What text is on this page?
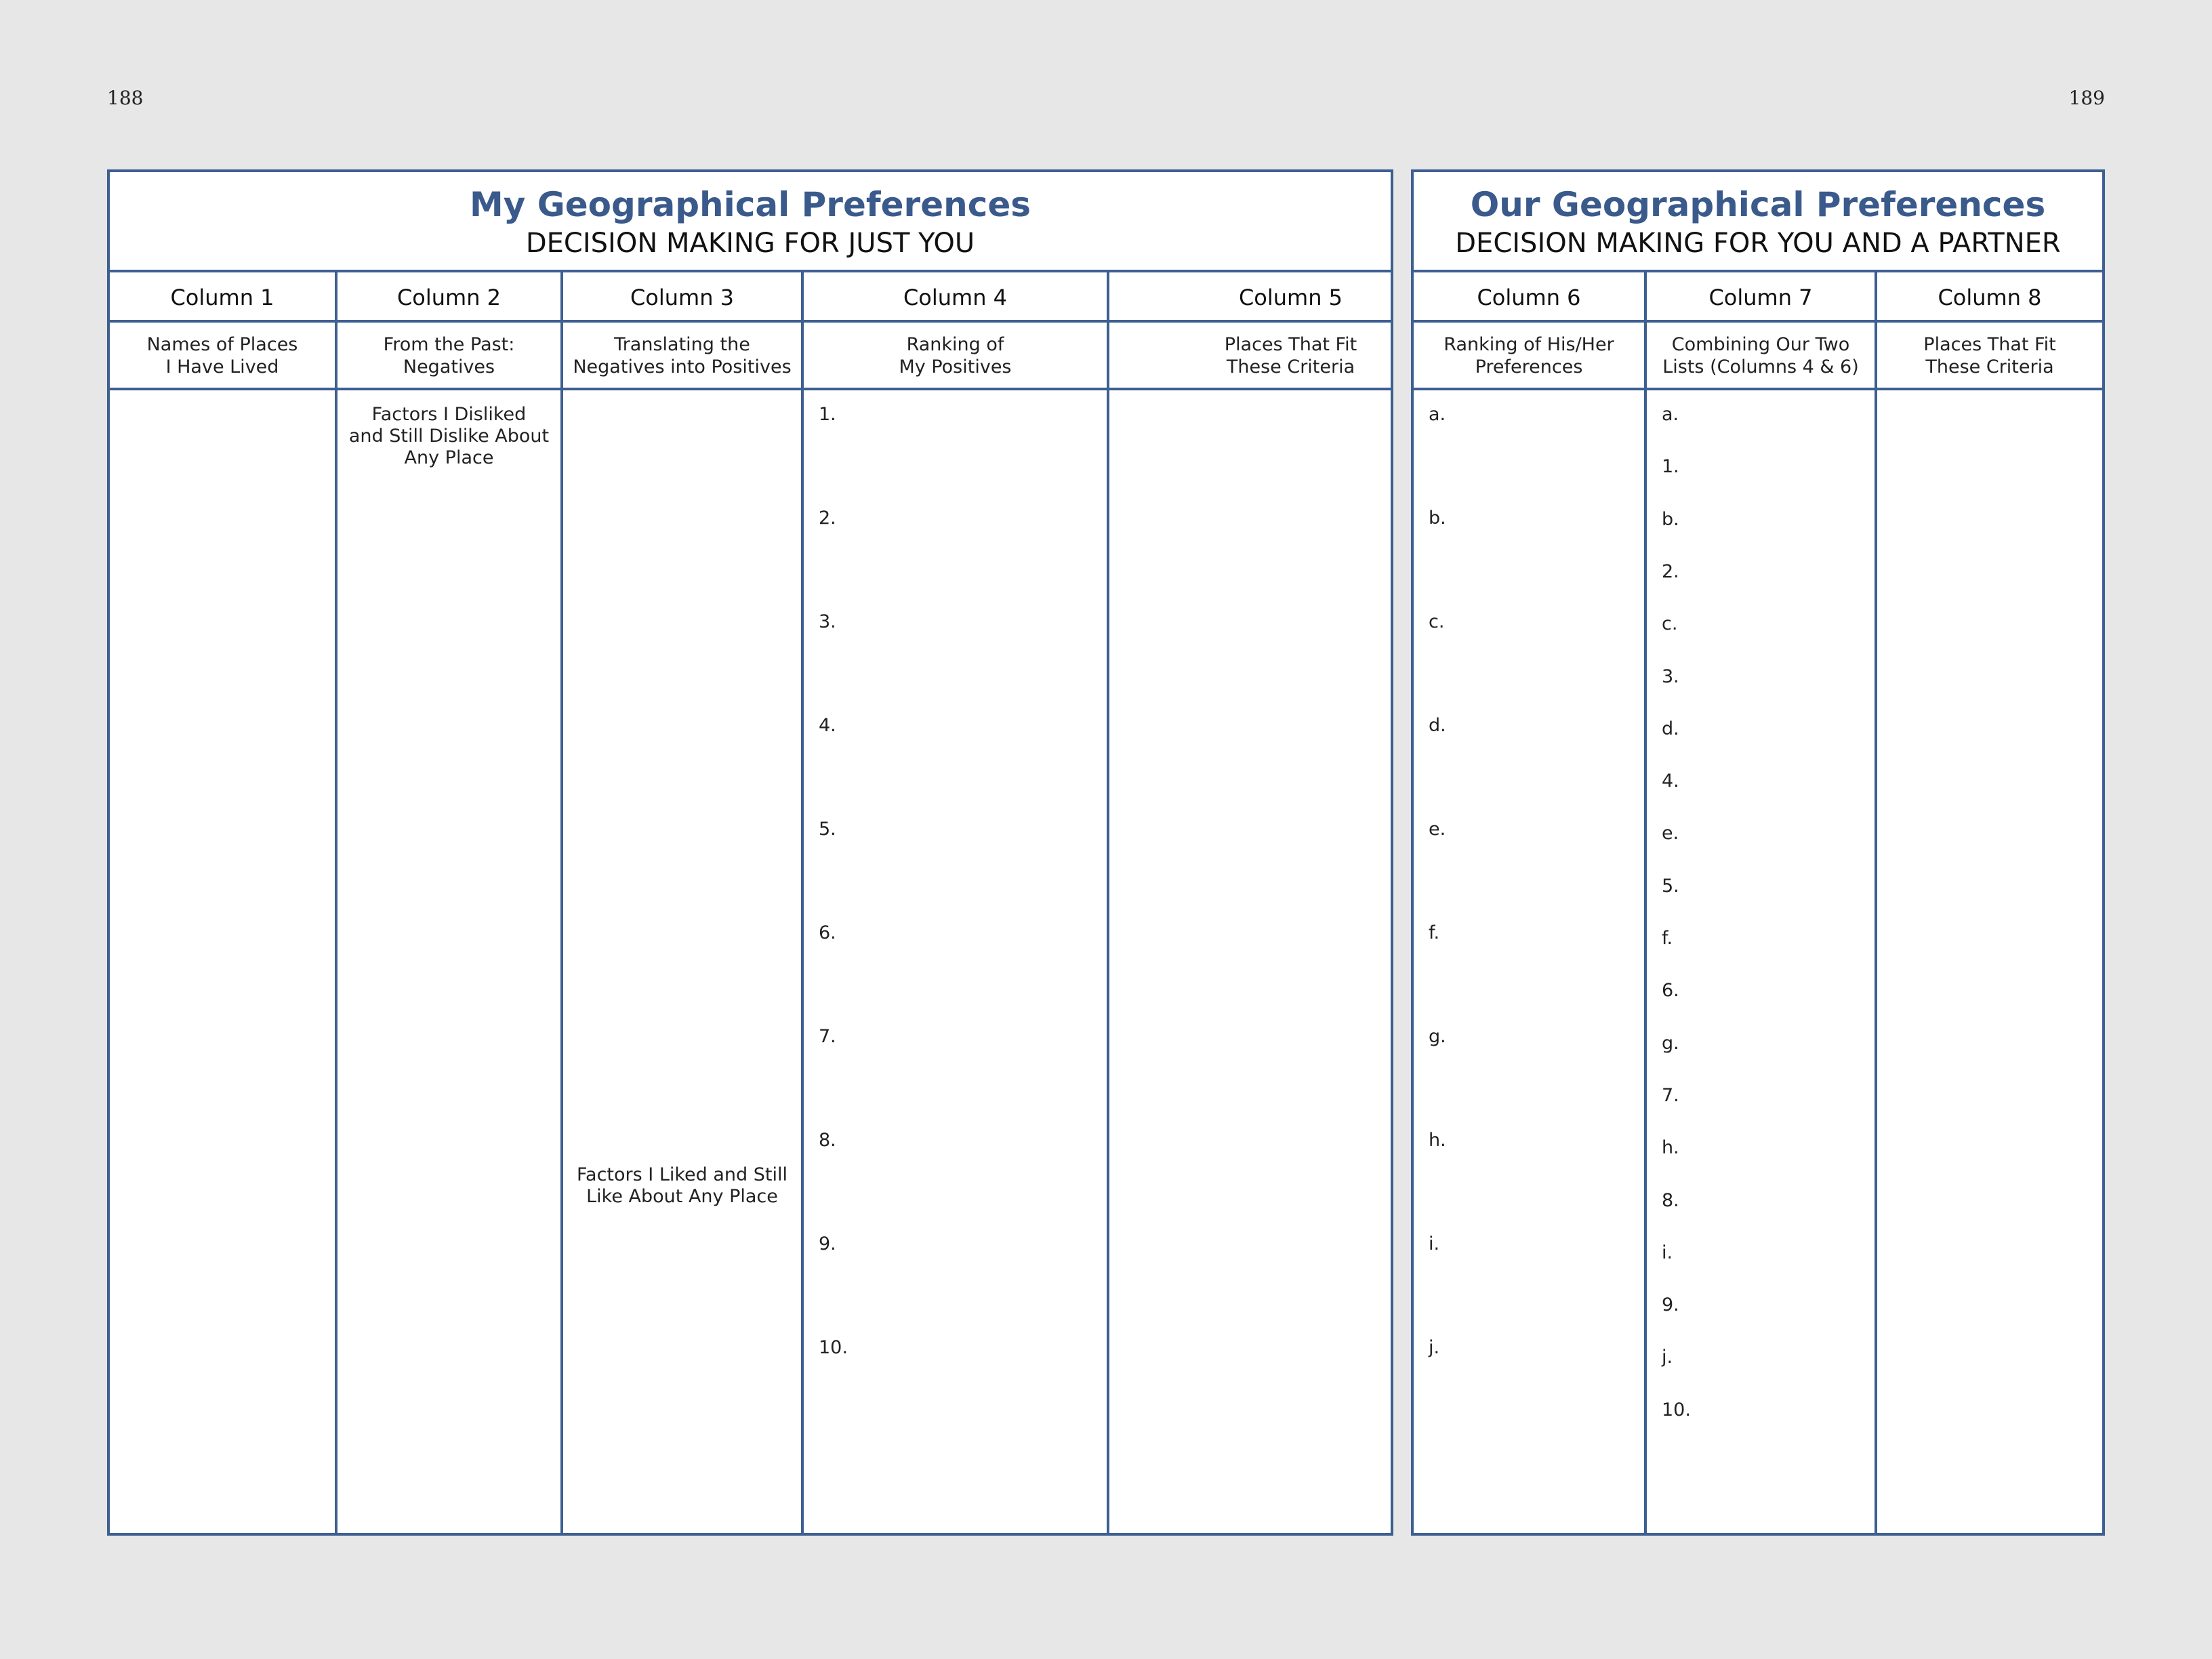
188	189
My Geographical Preferences
DECISION MAKING FOR JUST YOU
Column 1
Names of Places
I Have Lived
Column 2
From the Past:
Negatives
Factors I Disliked
and Still Dislike About
Any Place
Column 3
Translating the
Negatives into Positives
Factors I Liked and Still
Like About Any Place
Column 4
Ranking of
My Positives
1.
2.
3.
4.
5.
6.
7.
8.
9.
10.
Column 5
Places That Fit
These Criteria
Our Geographical Preferences
DECISION MAKING FOR YOU AND A PARTNER
Column 6
Ranking of His/Her
Preferences
a.
b.
c.
d.
e.
f.
g.
h.
i.
j.
Column 7
Combining Our Two
Lists (Columns 4 & 6)
a.
1.
b.
2.
c.
3.
d.
4.
e.
5.
f.
6.
g.
7.
h.
8.
i.
9.
j.
10.
Column 8
Places That Fit
These Criteria
